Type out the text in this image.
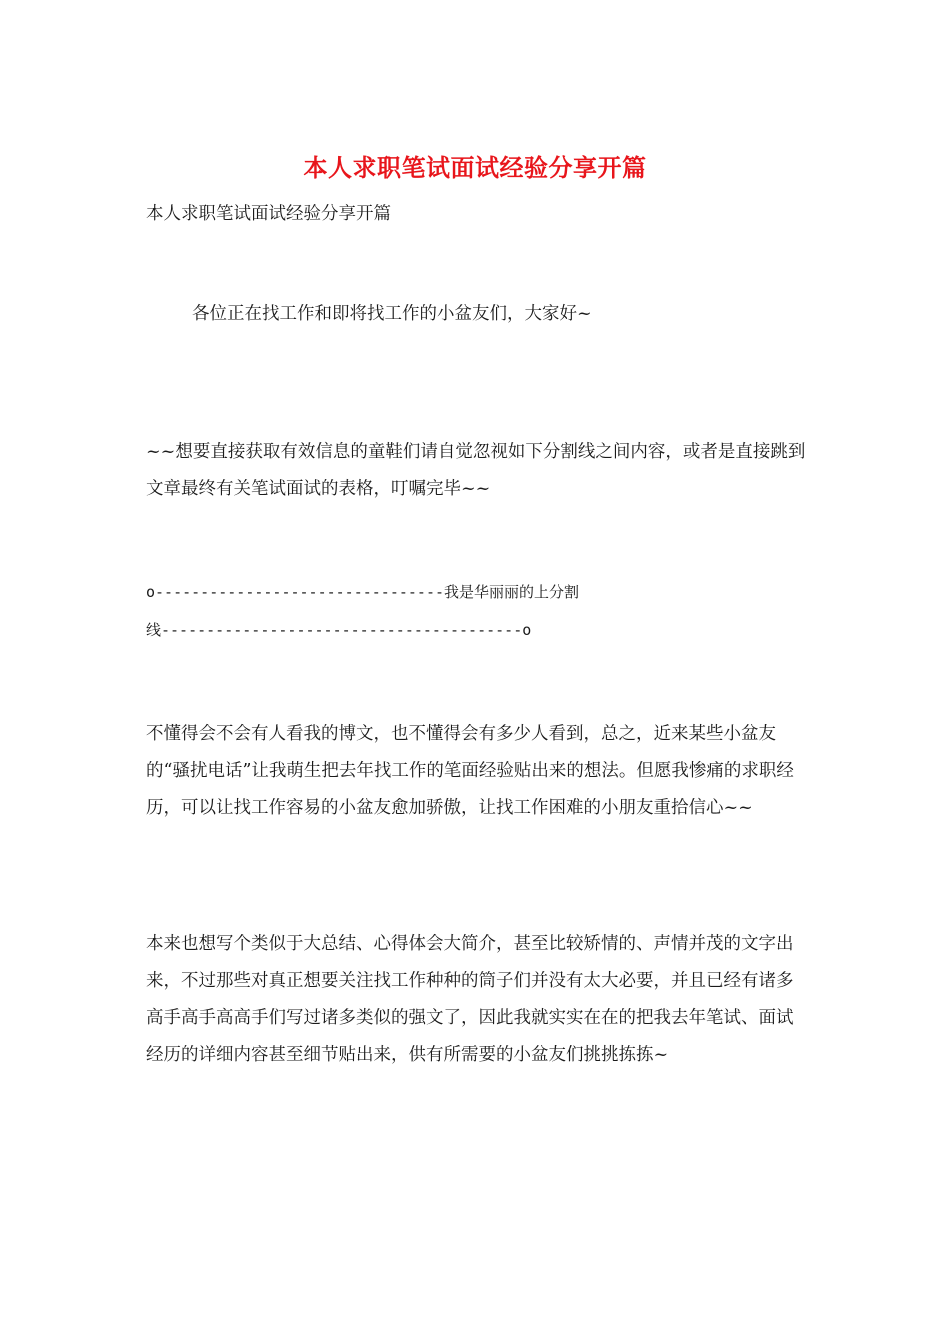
本人求职笔试面试经验分享开篇

本人求职笔试面试经验分享开篇

各位正在找工作和即将找工作的小盆友们，大家好~

~~想要直接获取有效信息的童鞋们请自觉忽视如下分割线之间内容，或者是直接跳到文章最终有关笔试面试的表格，叮嘱完毕~~

o--------------------------------我是华丽丽的上分割

线----------------------------------------o

不懂得会不会有人看我的博文，也不懂得会有多少人看到，总之，近来某些小盆友的“骚扰电话”让我萌生把去年找工作的笔面经验贴出来的想法。但愿我惨痛的求职经历，可以让找工作容易的小盆友愈加骄傲，让找工作困难的小朋友重拾信心~~

本来也想写个类似于大总结、心得体会大简介，甚至比较矫情的、声情并茂的文字出来，不过那些对真正想要关注找工作种种的筒子们并没有太大必要，并且已经有诸多高手高手高高手们写过诸多类似的强文了，因此我就实实在在的把我去年笔试、面试经历的详细内容甚至细节贴出来，供有所需要的小盆友们挑挑拣拣~
